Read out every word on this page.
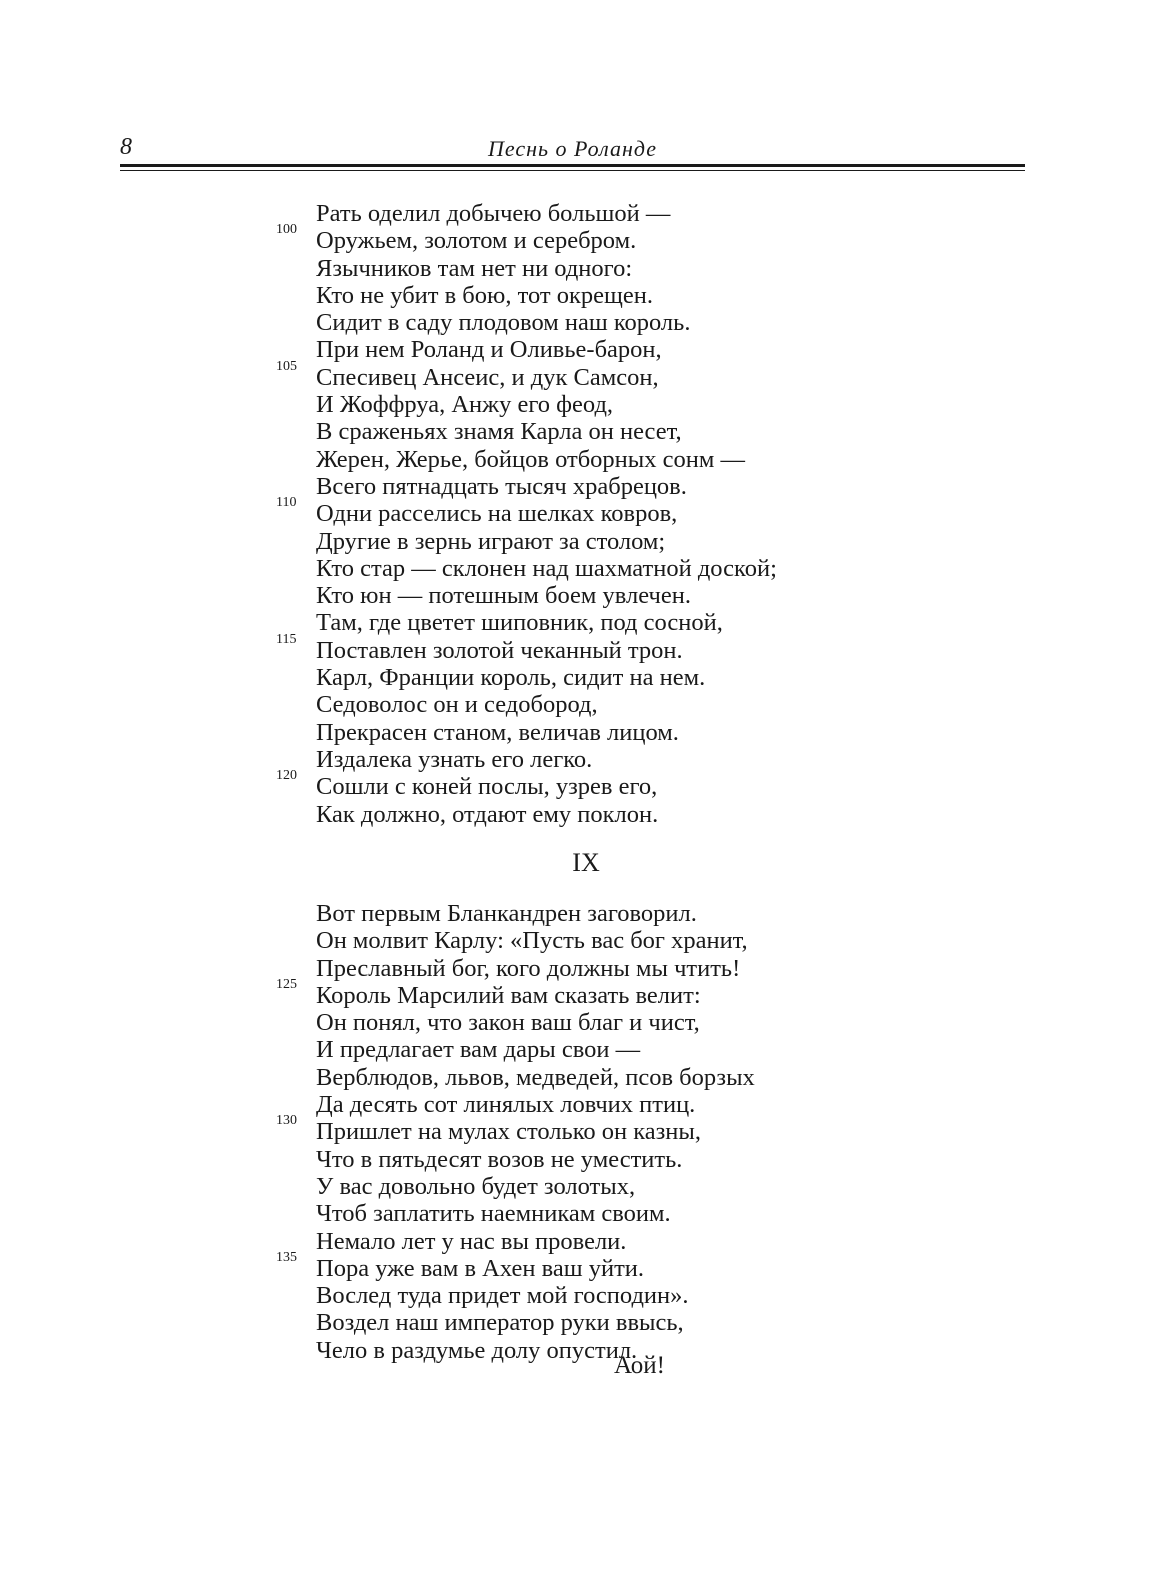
8	Песнь о Роланде
Рать оделил добычею большой —
100 Оружьем, золотом и серебром.
Язычников там нет ни одного:
Кто не убит в бою, тот окрещен.
Сидит в саду плодовом наш король.
При нем Роланд и Оливье-барон,
105 Спесивец Ансеис, и дук Самсон,
И Жоффруа, Анжу его феод,
В сраженьях знамя Карла он несет,
Жерен, Жерье, бойцов отборных сонм —
Всего пятнадцать тысяч храбрецов.
110 Одни расселись на шелках ковров,
Другие в зернь играют за столом;
Кто стар — склонен над шахматной доской;
Кто юн — потешным боем увлечен.
Там, где цветет шиповник, под сосной,
115 Поставлен золотой чеканный трон.
Карл, Франции король, сидит на нем.
Седоволос он и седобород,
Прекрасен станом, величав лицом.
Издалека узнать его легко.
120 Сошли с коней послы, узрев его,
Как должно, отдают ему поклон.
IX
Вот первым Бланкандрен заговорил.
Он молвит Карлу: «Пусть вас бог хранит,
Преславный бог, кого должны мы чтить!
125 Король Марсилий вам сказать велит:
Он понял, что закон ваш благ и чист,
И предлагает вам дары свои —
Верблюдов, львов, медведей, псов борзых
Да десять сот линялых ловчих птиц.
130 Пришлет на мулах столько он казны,
Что в пятьдесят возов не уместить.
У вас довольно будет золотых,
Чтоб заплатить наемникам своим.
Немало лет у нас вы провели.
135 Пора уже вам в Ахен ваш уйти.
Вослед туда придет мой господин».
Воздел наш император руки ввысь,
Чело в раздумье долу опустил.
Аой!
